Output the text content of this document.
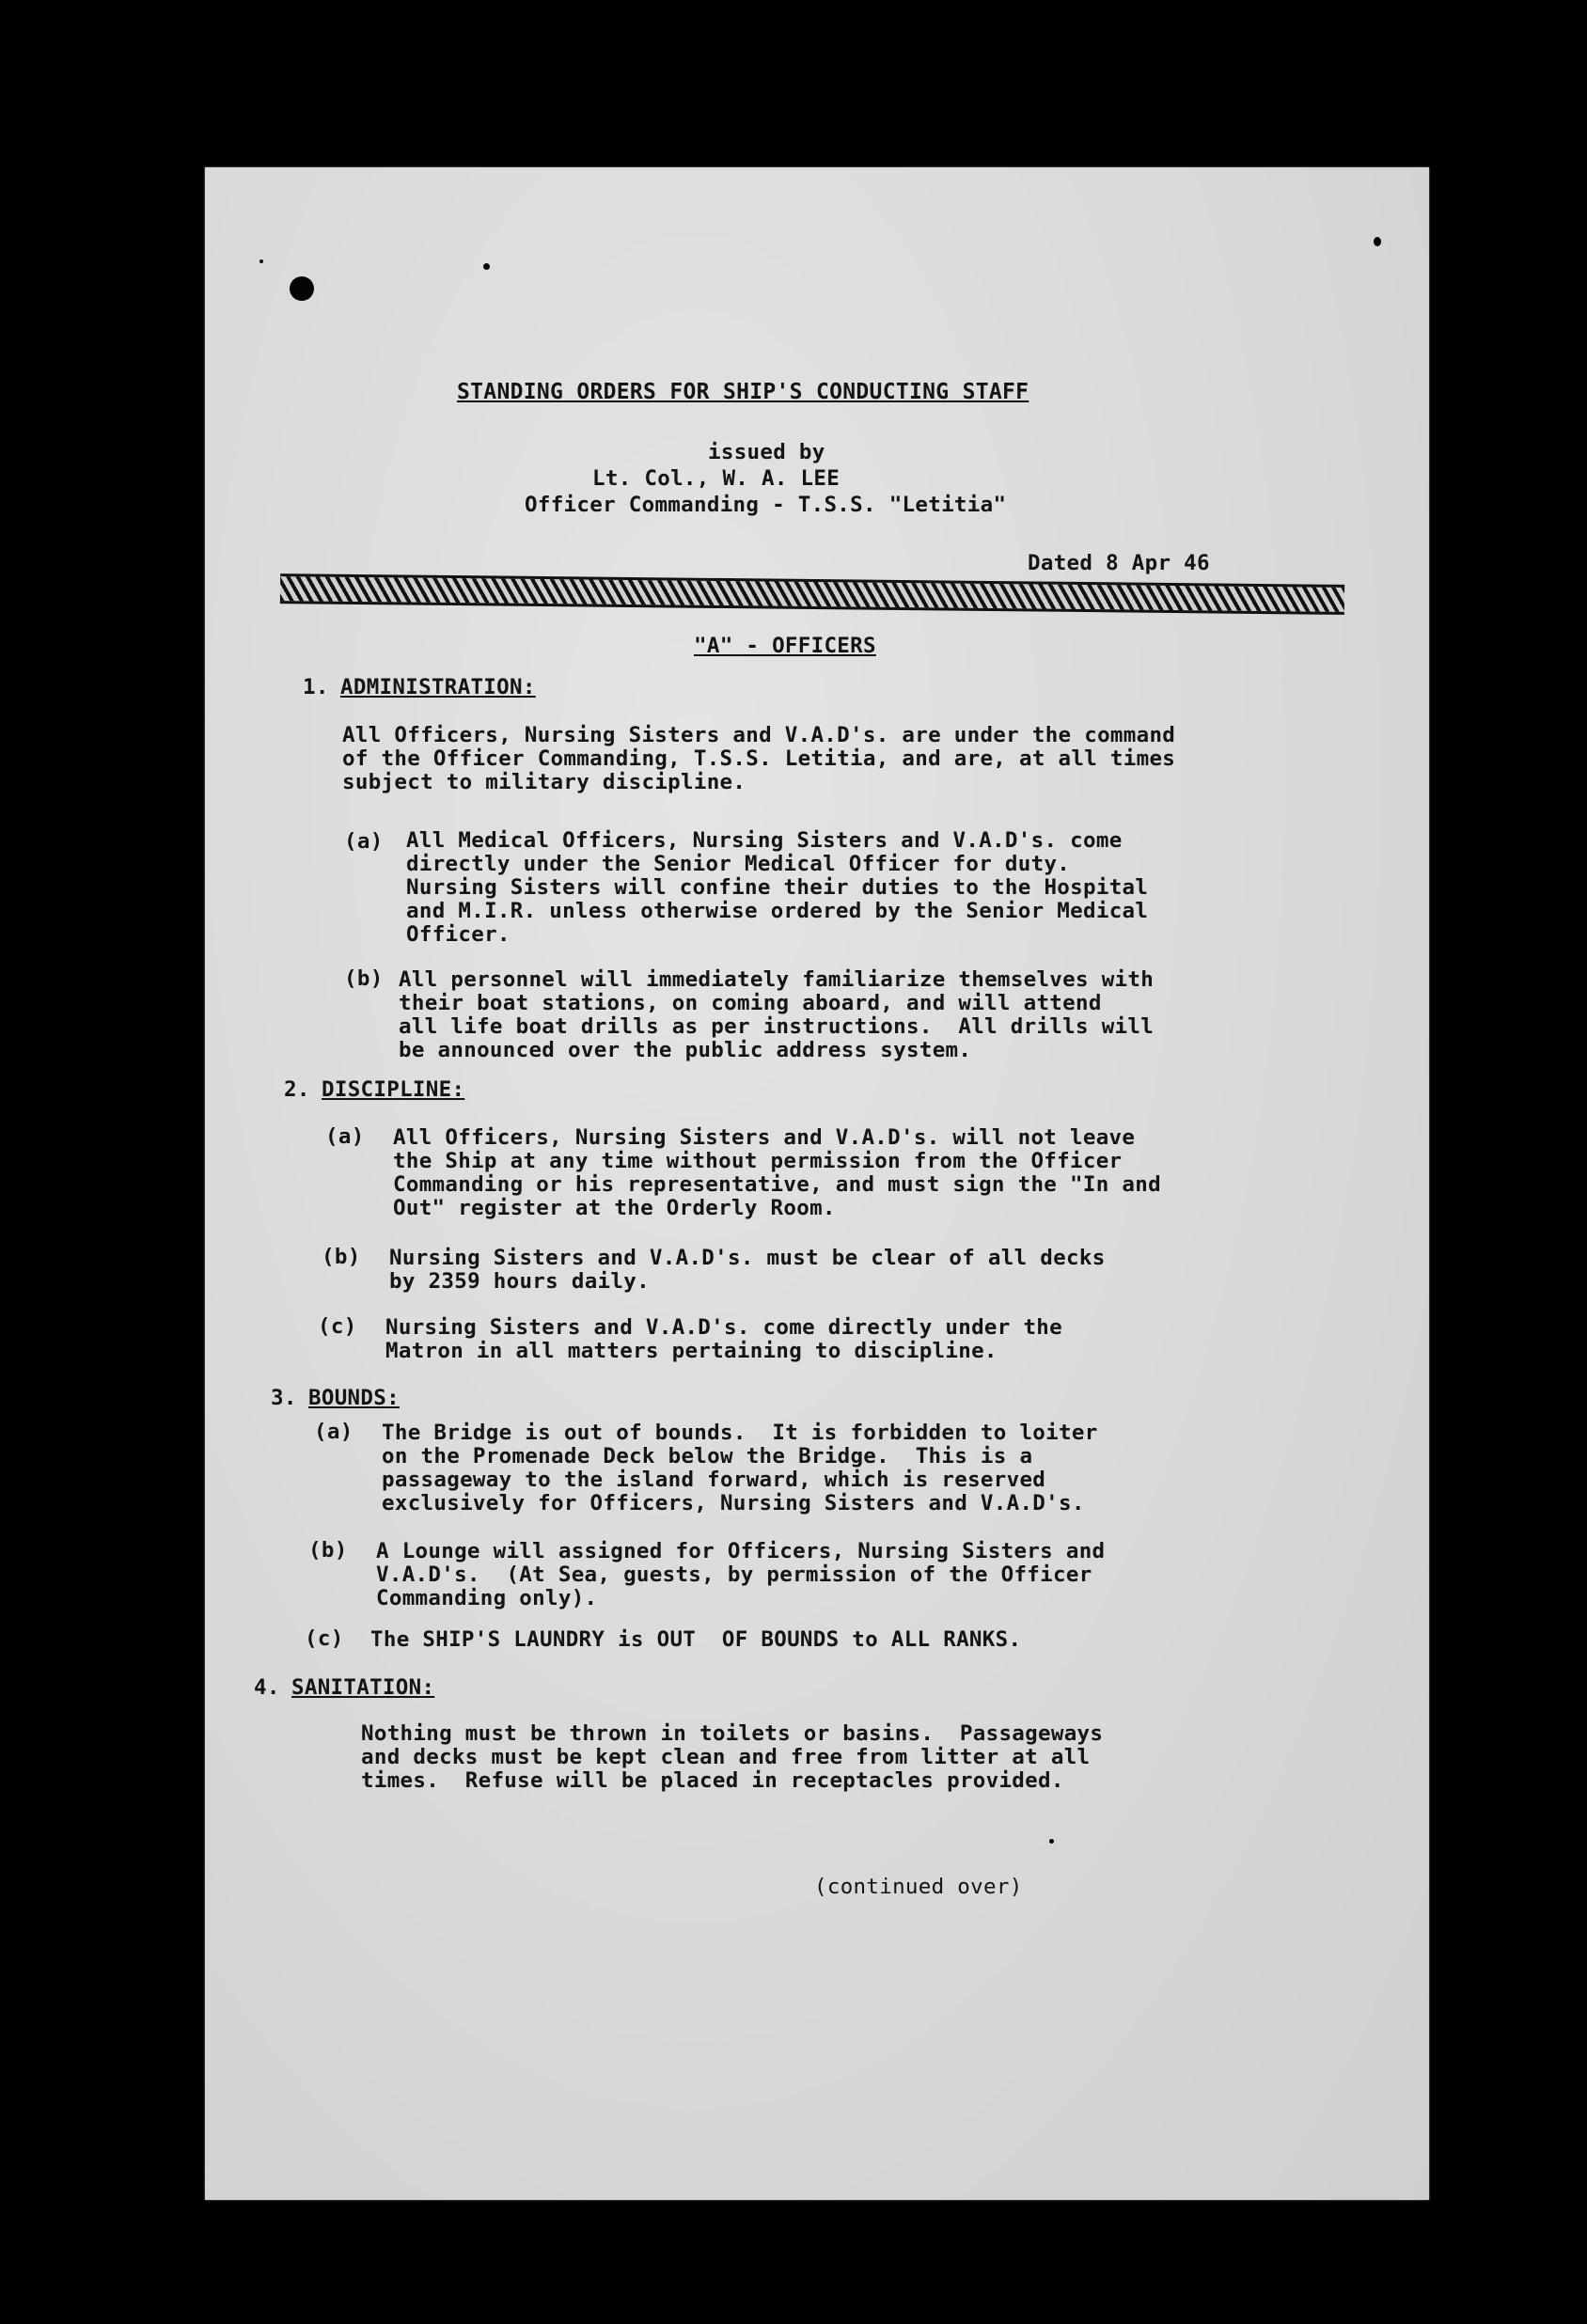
STANDING ORDERS FOR SHIP'S CONDUCTING STAFF
issued by
Lt. Col., W. A. LEE
Officer Commanding - T.S.S. "Letitia"
Dated 8 Apr 46
"A" - OFFICERS
1. ADMINISTRATION:
All Officers, Nursing Sisters and V.A.D's. are under the command
of the Officer Commanding, T.S.S. Letitia, and are, at all times
subject to military discipline.
(a) All Medical Officers, Nursing Sisters and V.A.D's. come
directly under the Senior Medical Officer for duty.
Nursing Sisters will confine their duties to the Hospital
and M.I.R. unless otherwise ordered by the Senior Medical
Officer.
(b) All personnel will immediately familiarize themselves with
their boat stations, on coming aboard, and will attend
all life boat drills as per instructions.  All drills will
be announced over the public address system.
2. DISCIPLINE:
(a) All Officers, Nursing Sisters and V.A.D's. will not leave
the Ship at any time without permission from the Officer
Commanding or his representative, and must sign the "In and
Out" register at the Orderly Room.
(b) Nursing Sisters and V.A.D's. must be clear of all decks
by 2359 hours daily.
(c) Nursing Sisters and V.A.D's. come directly under the
Matron in all matters pertaining to discipline.
3. BOUNDS:
(a) The Bridge is out of bounds.  It is forbidden to loiter
on the Promenade Deck below the Bridge.  This is a
passageway to the island forward, which is reserved
exclusively for Officers, Nursing Sisters and V.A.D's.
(b) A Lounge will assigned for Officers, Nursing Sisters and
V.A.D's.  (At Sea, guests, by permission of the Officer
Commanding only).
(c) The SHIP'S LAUNDRY is OUT  OF BOUNDS to ALL RANKS.
4. SANITATION:
Nothing must be thrown in toilets or basins.  Passageways
and decks must be kept clean and free from litter at all
times.  Refuse will be placed in receptacles provided.
(continued over)
